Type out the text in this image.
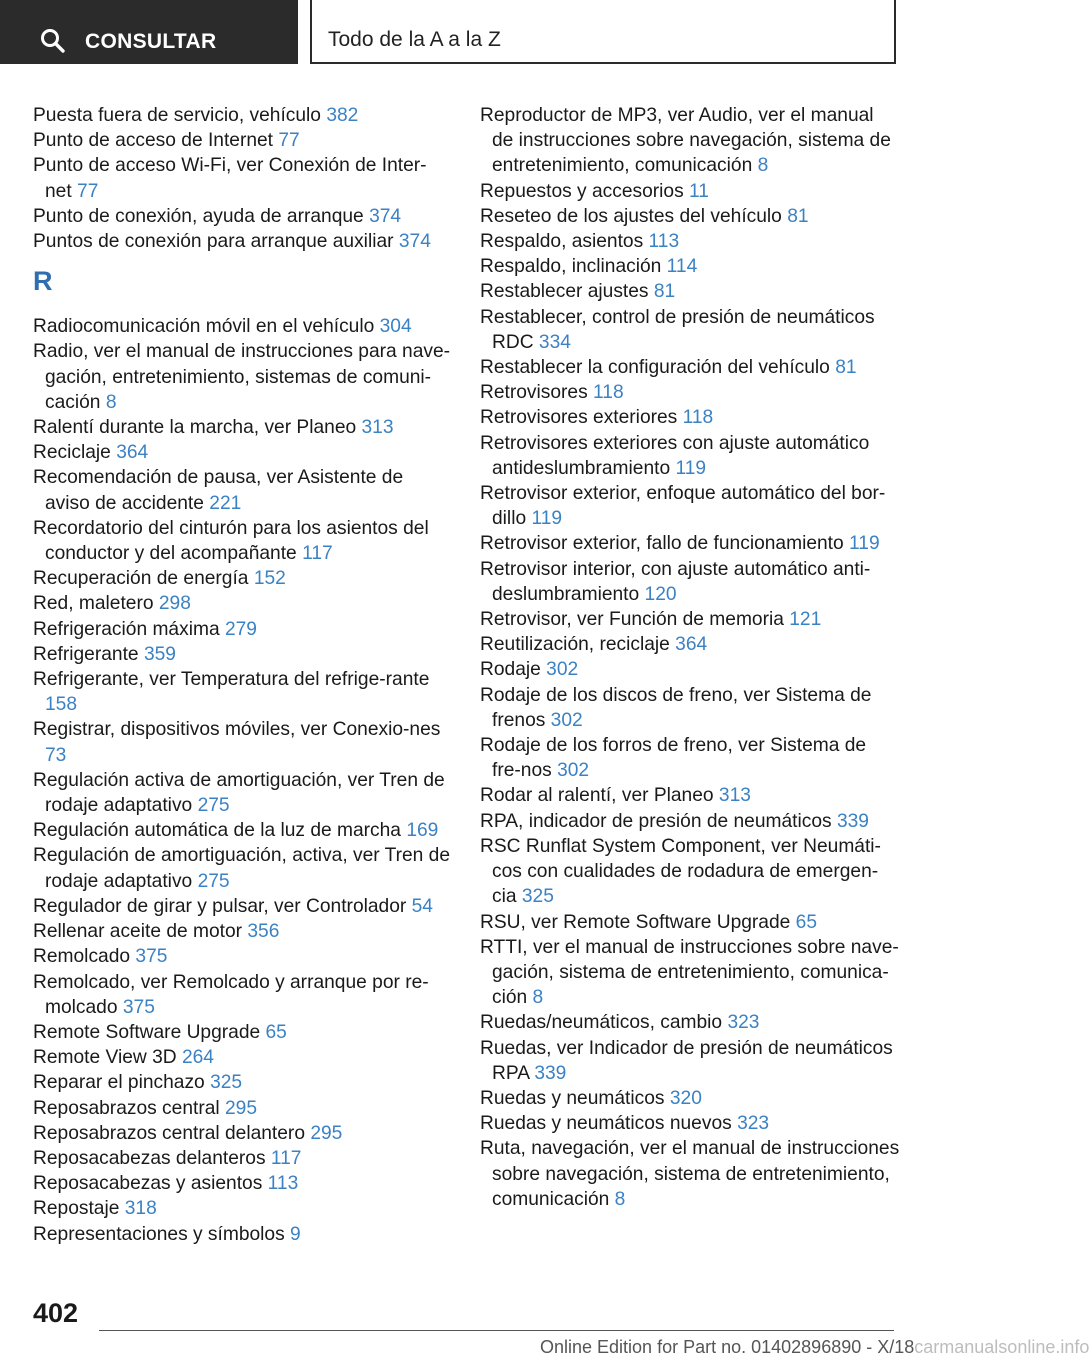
CONSULTAR	Todo de la A a la Z
Puesta fuera de servicio, vehículo 382
Punto de acceso de Internet 77
Punto de acceso Wi-Fi, ver Conexión de Inter-net 77
Punto de conexión, ayuda de arranque 374
Puntos de conexión para arranque auxiliar 374
R
Radiocomunicación móvil en el vehículo 304
Radio, ver el manual de instrucciones para nave-gación, entretenimiento, sistemas de comuni-cación 8
Ralentí durante la marcha, ver Planeo 313
Reciclaje 364
Recomendación de pausa, ver Asistente de aviso de accidente 221
Recordatorio del cinturón para los asientos del conductor y del acompañante 117
Recuperación de energía 152
Red, maletero 298
Refrigeración máxima 279
Refrigerante 359
Refrigerante, ver Temperatura del refrige-rante 158
Registrar, dispositivos móviles, ver Conexio-nes 73
Regulación activa de amortiguación, ver Tren de rodaje adaptativo 275
Regulación automática de la luz de marcha 169
Regulación de amortiguación, activa, ver Tren de rodaje adaptativo 275
Regulador de girar y pulsar, ver Controlador 54
Rellenar aceite de motor 356
Remolcado 375
Remolcado, ver Remolcado y arranque por re-molcado 375
Remote Software Upgrade 65
Remote View 3D 264
Reparar el pinchazo 325
Reposabrazos central 295
Reposabrazos central delantero 295
Reposacabezas delanteros 117
Reposacabezas y asientos 113
Repostaje 318
Representaciones y símbolos 9
Reproductor de MP3, ver Audio, ver el manual de instrucciones sobre navegación, sistema de entretenimiento, comunicación 8
Repuestos y accesorios 11
Reseteo de los ajustes del vehículo 81
Respaldo, asientos 113
Respaldo, inclinación 114
Restablecer ajustes 81
Restablecer, control de presión de neumáticos RDC 334
Restablecer la configuración del vehículo 81
Retrovisores 118
Retrovisores exteriores 118
Retrovisores exteriores con ajuste automático antideslumbramiento 119
Retrovisor exterior, enfoque automático del bor-dillo 119
Retrovisor exterior, fallo de funcionamiento 119
Retrovisor interior, con ajuste automático anti-deslumbramiento 120
Retrovisor, ver Función de memoria 121
Reutilización, reciclaje 364
Rodaje 302
Rodaje de los discos de freno, ver Sistema de frenos 302
Rodaje de los forros de freno, ver Sistema de fre-nos 302
Rodar al ralentí, ver Planeo 313
RPA, indicador de presión de neumáticos 339
RSC Runflat System Component, ver Neumáti-cos con cualidades de rodadura de emergen-cia 325
RSU, ver Remote Software Upgrade 65
RTTI, ver el manual de instrucciones sobre nave-gación, sistema de entretenimiento, comunica-ción 8
Ruedas/neumáticos, cambio 323
Ruedas, ver Indicador de presión de neumáticos RPA 339
Ruedas y neumáticos 320
Ruedas y neumáticos nuevos 323
Ruta, navegación, ver el manual de instrucciones sobre navegación, sistema de entretenimiento, comunicación 8
402
Online Edition for Part no. 01402896890 - X/18carmanualsonline.info
